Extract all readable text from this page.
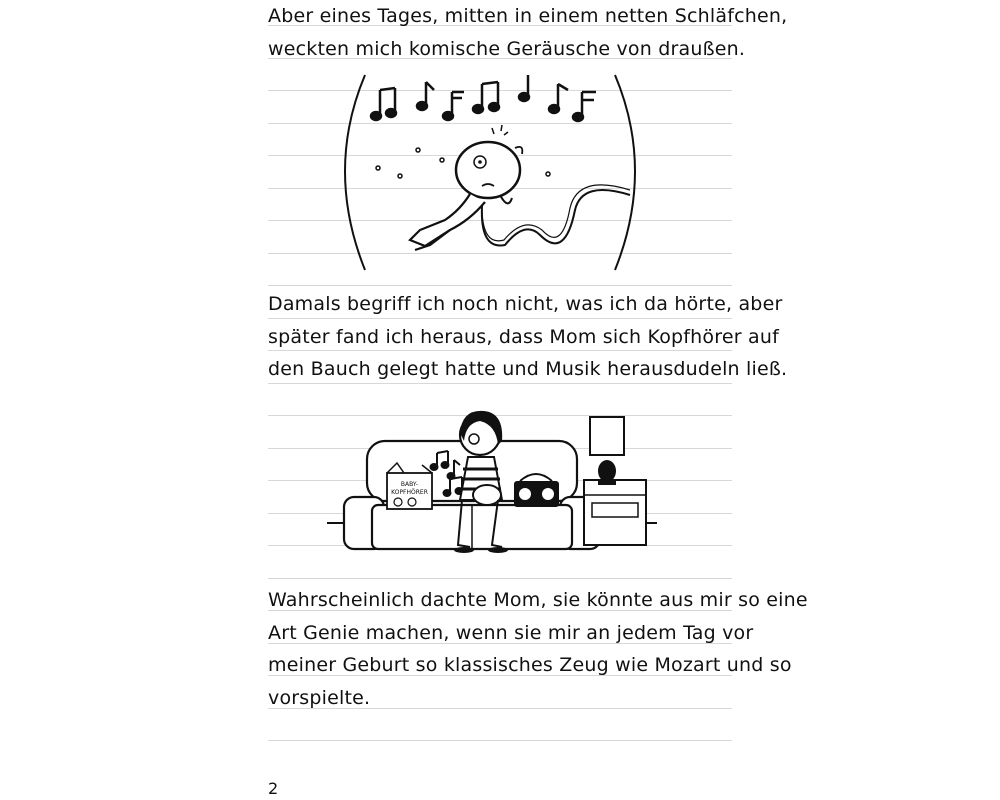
Aber eines Tages, mitten in einem netten Schläfchen,
weckten mich komische Geräusche von draußen.
Damals begriff ich noch nicht, was ich da hörte, aber
später fand ich heraus, dass Mom sich Kopfhörer auf
den Bauch gelegt hatte und Musik herausdudeln ließ.
BABY-
KOPFHÖRER
Wahrscheinlich dachte Mom, sie könnte aus mir so eine
Art Genie machen, wenn sie mir an jedem Tag vor
meiner Geburt so klassisches Zeug wie Mozart und so
vorspielte.
2
